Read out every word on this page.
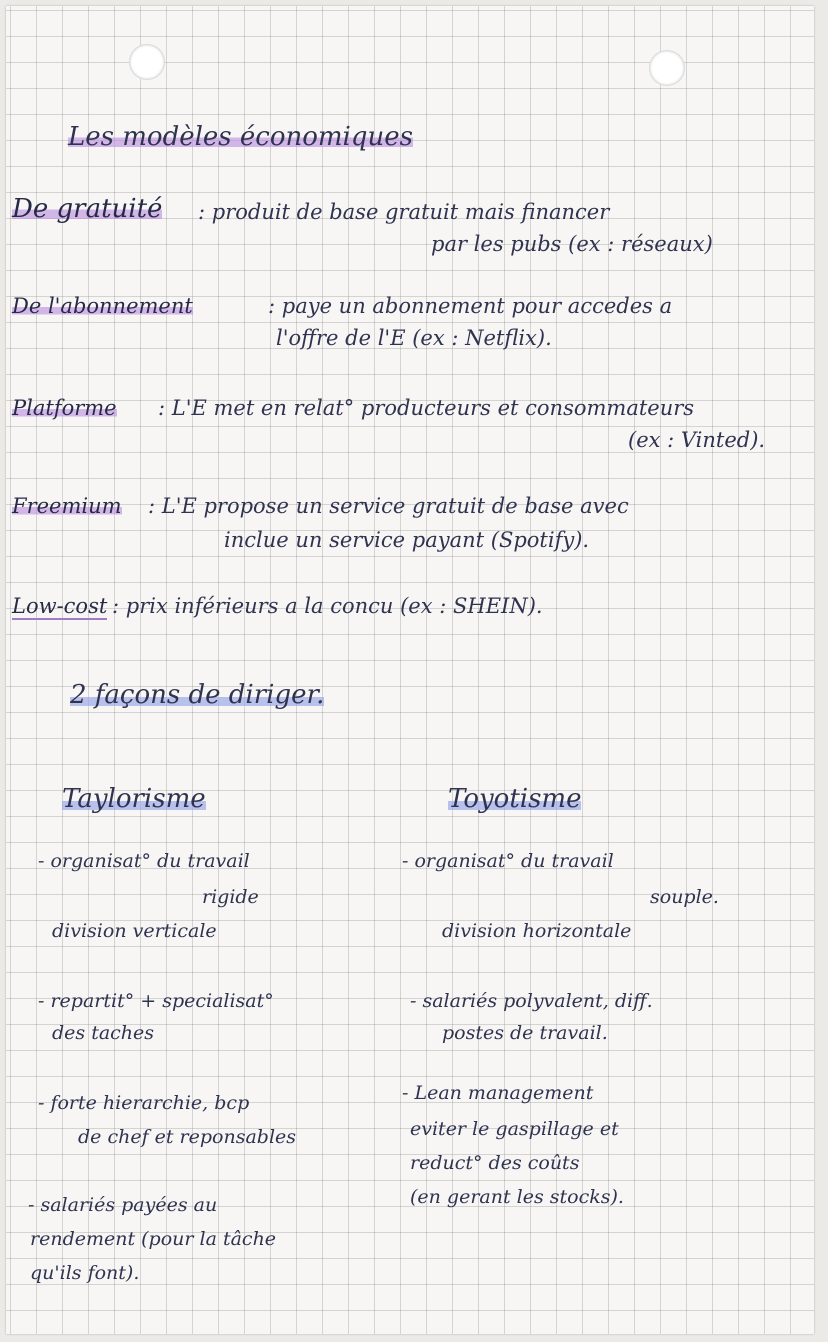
Les modèles économiques
De gratuité : produit de base gratuit mais financer
par les pubs (ex : réseaux)
De l'abonnement	: paye un abonnement pour accedes a
l'offre de l'E (ex : Netflix).
Platforme : L'E met en relat° producteurs et consommateurs
(ex : Vinted).
Freemium : L'E propose un service gratuit de base avec
inclue un service payant (Spotify).
Low-cost : prix inférieurs a la concu (ex : SHEIN).
2 façons de diriger.
Taylorisme
- organisat° du travail
rigide
division verticale
- repartit° + specialisat°
des taches
- forte hierarchie, bcp
de chef et reponsables
- salariés payées au
rendement (pour la tâche
qu'ils font).
Toyotisme
- organisat° du travail
souple.
division horizontale
- salariés polyvalent, diff.
postes de travail.
- Lean management
eviter le gaspillage et
reduct° des coûts
(en gerant les stocks).
